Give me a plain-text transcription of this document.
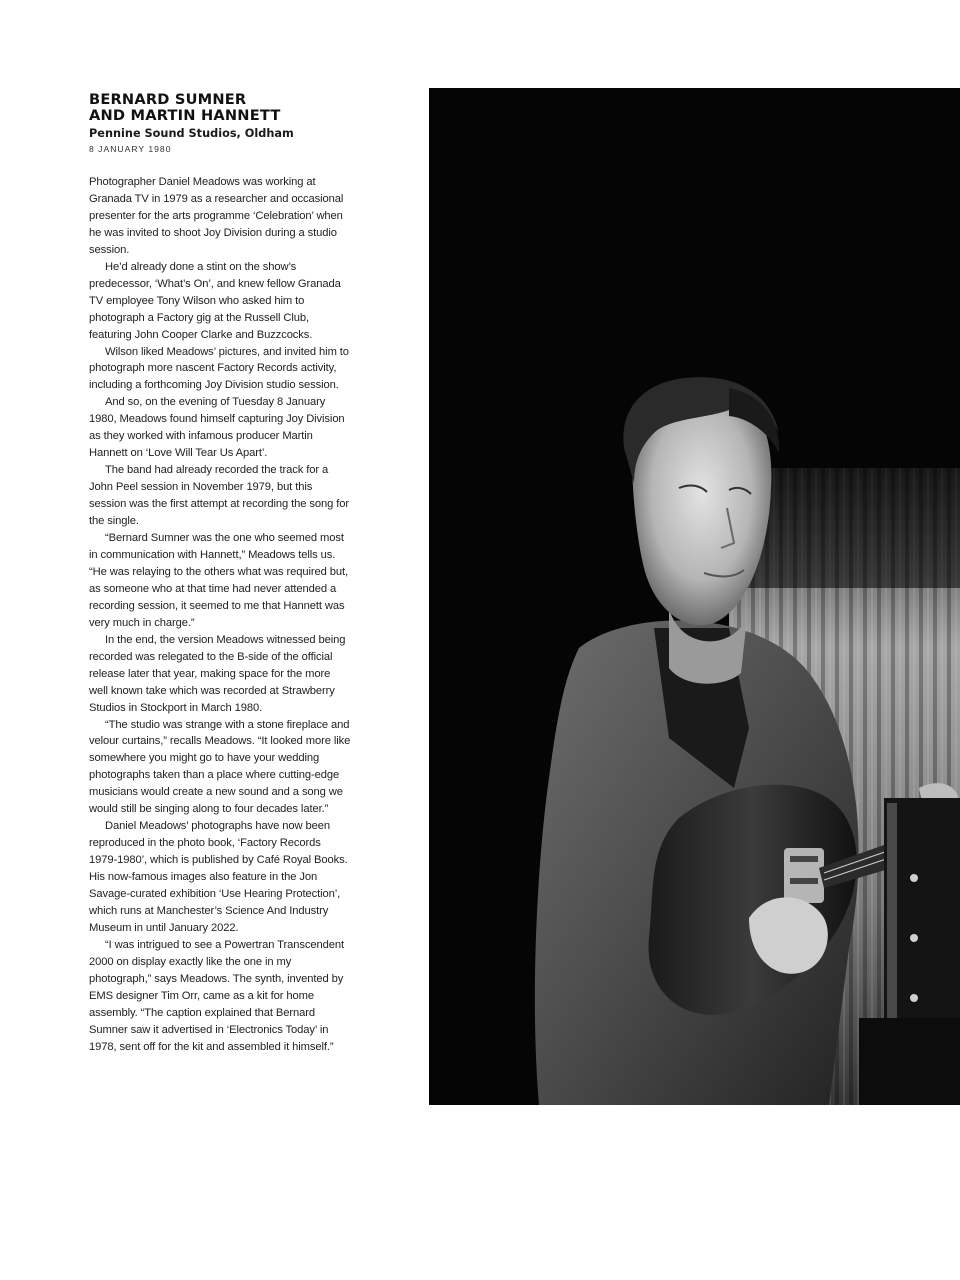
BERNARD SUMNER
AND MARTIN HANNETT
Pennine Sound Studios, Oldham
8 JANUARY 1980

Photographer Daniel Meadows was working at Granada TV in 1979 as a researcher and occasional presenter for the arts programme ‘Celebration’ when he was invited to shoot Joy Division during a studio session.

He’d already done a stint on the show’s predecessor, ‘What’s On’, and knew fellow Granada TV employee Tony Wilson who asked him to photograph a Factory gig at the Russell Club, featuring John Cooper Clarke and Buzzcocks.

Wilson liked Meadows’ pictures, and invited him to photograph more nascent Factory Records activity, including a forthcoming Joy Division studio session.

And so, on the evening of Tuesday 8 January 1980, Meadows found himself capturing Joy Division as they worked with infamous producer Martin Hannett on ‘Love Will Tear Us Apart’.

The band had already recorded the track for a John Peel session in November 1979, but this session was the first attempt at recording the song for the single.

“Bernard Sumner was the one who seemed most in communication with Hannett,” Meadows tells us. “He was relaying to the others what was required but, as someone who at that time had never attended a recording session, it seemed to me that Hannett was very much in charge.”

In the end, the version Meadows witnessed being recorded was relegated to the B-side of the official release later that year, making space for the more well known take which was recorded at Strawberry Studios in Stockport in March 1980.

“The studio was strange with a stone fireplace and velour curtains,” recalls Meadows. “It looked more like somewhere you might go to have your wedding photographs taken than a place where cutting-edge musicians would create a new sound and a song we would still be singing along to four decades later.”

Daniel Meadows’ photographs have now been reproduced in the photo book, ‘Factory Records 1979-1980’, which is published by Café Royal Books. His now-famous images also feature in the Jon Savage-curated exhibition ‘Use Hearing Protection’, which runs at Manchester’s Science And Industry Museum in until January 2022.

“I was intrigued to see a Powertran Transcendent 2000 on display exactly like the one in my photograph,” says Meadows. The synth, invented by EMS designer Tim Orr, came as a kit for home assembly. “The caption explained that Bernard Sumner saw it advertised in ‘Electronics Today’ in 1978, sent off for the kit and assembled it himself.”
